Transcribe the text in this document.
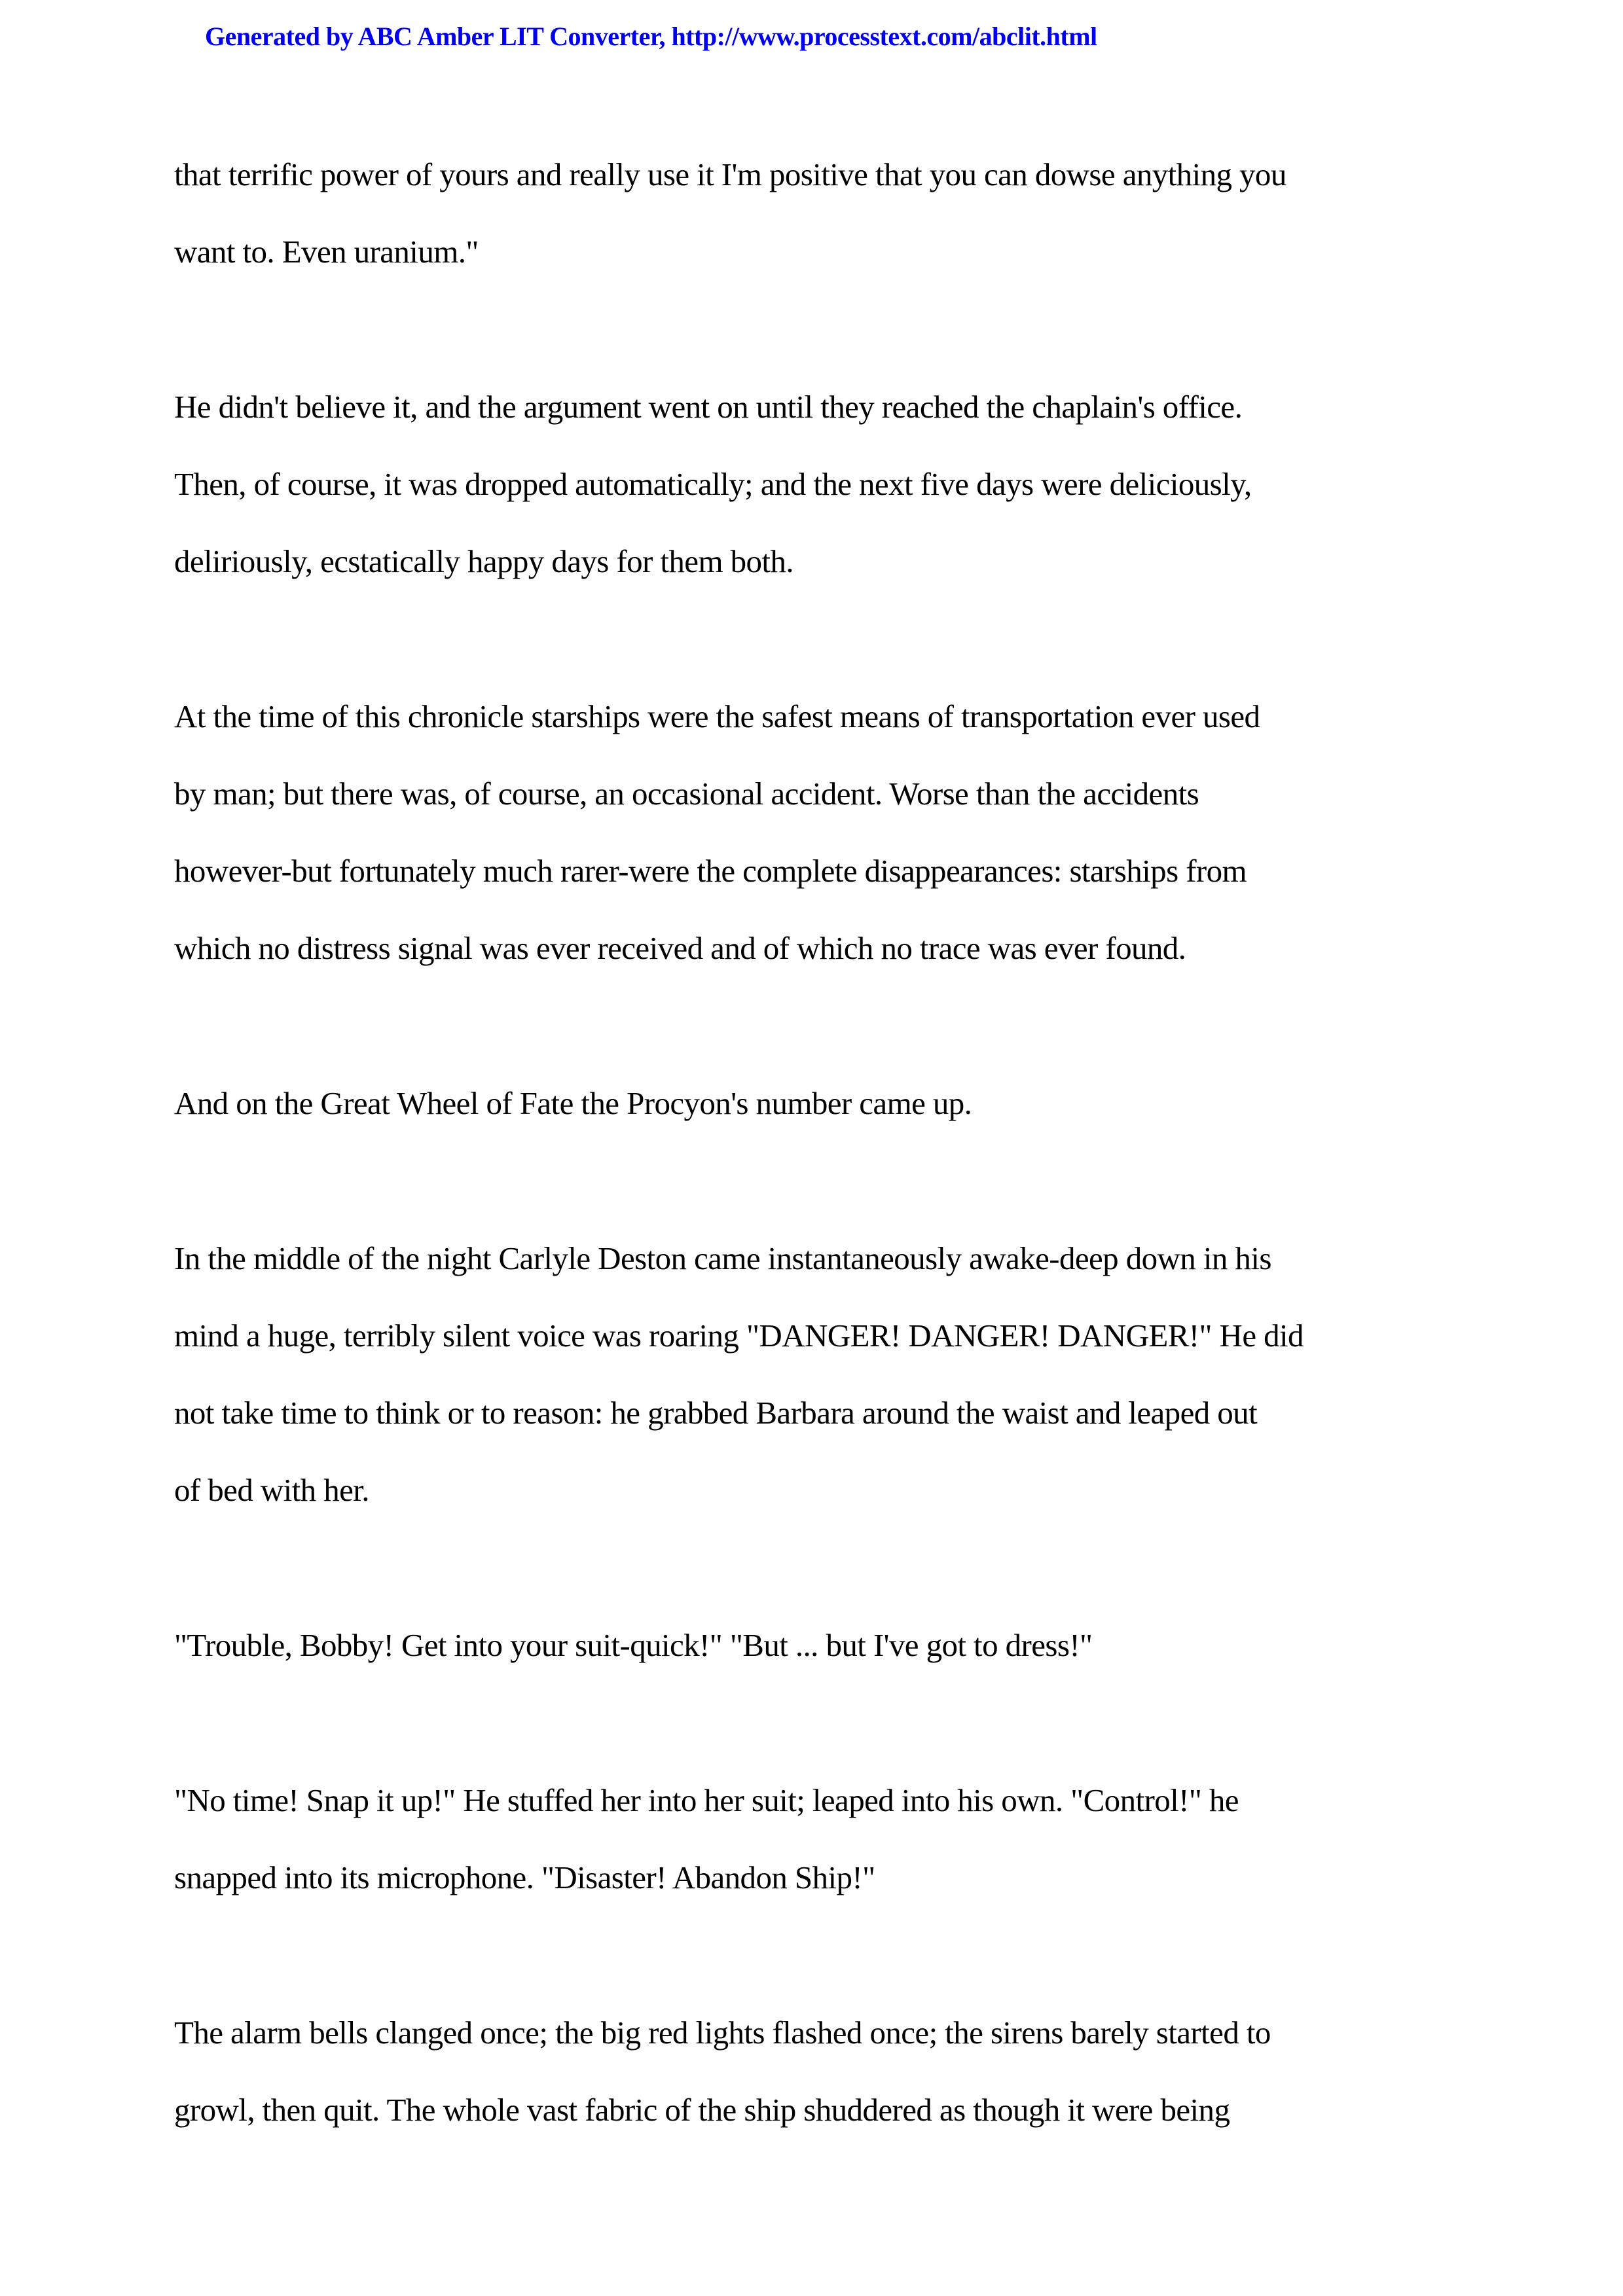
Generated by ABC Amber LIT Converter, http://www.processtext.com/abclit.html
that terrific power of yours and really use it I'm positive that you can dowse anything you
want to. Even uranium."
He didn't believe it, and the argument went on until they reached the chaplain's office.
Then, of course, it was dropped automatically; and the next five days were deliciously,
deliriously, ecstatically happy days for them both.
At the time of this chronicle starships were the safest means of transportation ever used
by man; but there was, of course, an occasional accident. Worse than the accidents
however-but fortunately much rarer-were the complete disappearances: starships from
which no distress signal was ever received and of which no trace was ever found.
And on the Great Wheel of Fate the Procyon's number came up.
In the middle of the night Carlyle Deston came instantaneously awake-deep down in his
mind a huge, terribly silent voice was roaring "DANGER! DANGER! DANGER!" He did
not take time to think or to reason: he grabbed Barbara around the waist and leaped out
of bed with her.
"Trouble, Bobby! Get into your suit-quick!" "But ... but I've got to dress!"
"No time! Snap it up!" He stuffed her into her suit; leaped into his own. "Control!" he
snapped into its microphone. "Disaster! Abandon Ship!"
The alarm bells clanged once; the big red lights flashed once; the sirens barely started to
growl, then quit. The whole vast fabric of the ship shuddered as though it were being
